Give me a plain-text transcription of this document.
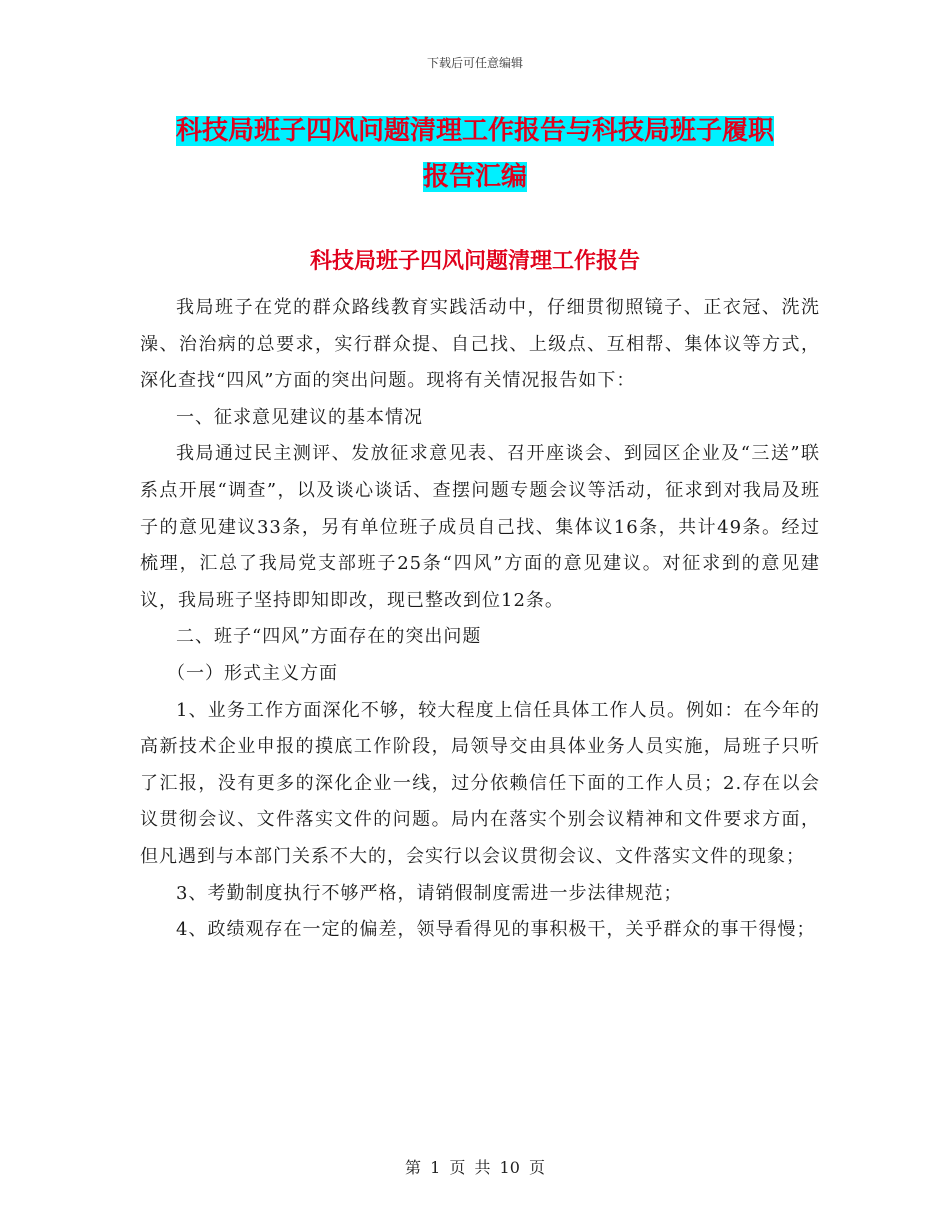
下载后可任意编辑
科技局班子四风问题清理工作报告与科技局班子履职
报告汇编
科技局班子四风问题清理工作报告

我局班子在党的群众路线教育实践活动中，仔细贯彻照镜子、正衣冠、洗洗澡、治治病的总要求，实行群众提、自己找、上级点、互相帮、集体议等方式，深化查找“四风”方面的突出问题。现将有关情况报告如下：

一、征求意见建议的基本情况

我局通过民主测评、发放征求意见表、召开座谈会、到园区企业及“三送”联系点开展“调查”，以及谈心谈话、查摆问题专题会议等活动，征求到对我局及班子的意见建议33条，另有单位班子成员自己找、集体议16条，共计49条。经过梳理，汇总了我局党支部班子25条“四风”方面的意见建议。对征求到的意见建议，我局班子坚持即知即改，现已整改到位12条。

二、班子“四风”方面存在的突出问题

（一）形式主义方面

1、业务工作方面深化不够，较大程度上信任具体工作人员。例如：在今年的高新技术企业申报的摸底工作阶段，局领导交由具体业务人员实施，局班子只听了汇报，没有更多的深化企业一线，过分依赖信任下面的工作人员；2.存在以会议贯彻会议、文件落实文件的问题。局内在落实个别会议精神和文件要求方面，但凡遇到与本部门关系不大的，会实行以会议贯彻会议、文件落实文件的现象；

3、考勤制度执行不够严格，请销假制度需进一步法律规范；

4、政绩观存在一定的偏差，领导看得见的事积极干，关乎群众的事干得慢；

第 1 页 共 10 页
